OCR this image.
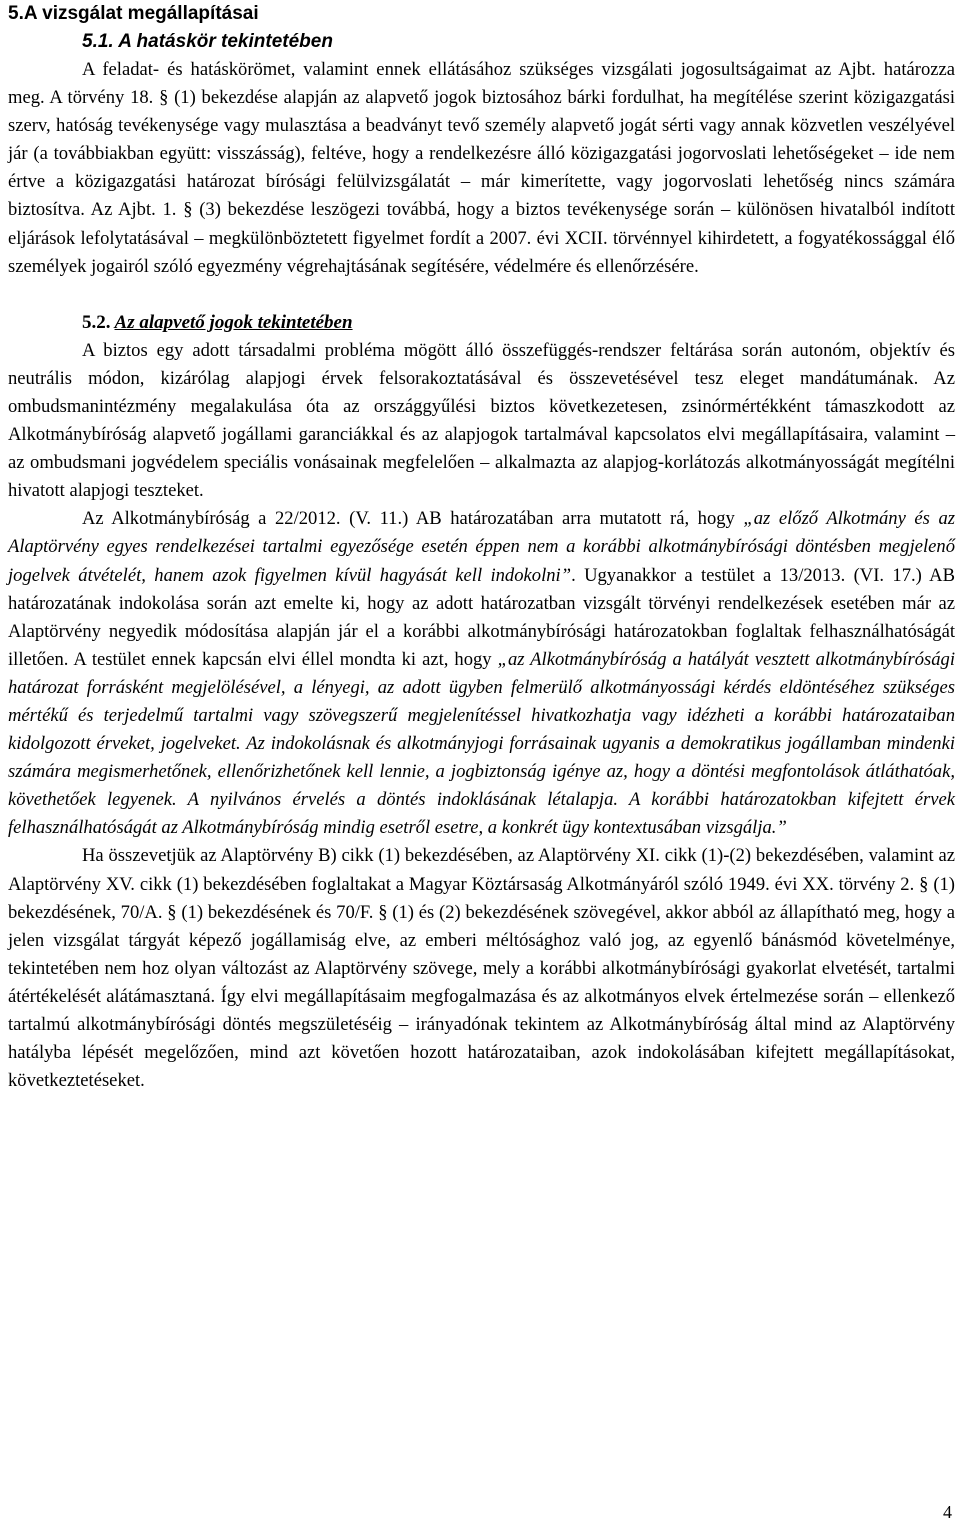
5.A vizsgálat megállapításai
5.1. A hatáskör tekintetében

A feladat- és hatáskörömet, valamint ennek ellátásához szükséges vizsgálati jogosultságaimat az Ajbt. határozza meg. A törvény 18. § (1) bekezdése alapján az alapvető jogok biztosához bárki fordulhat, ha megítélése szerint közigazgatási szerv, hatóság tevékenysége vagy mulasztása a beadványt tevő személy alapvető jogát sérti vagy annak közvetlen veszélyével jár (a továbbiakban együtt: visszásság), feltéve, hogy a rendelkezésre álló közigazgatási jogorvoslati lehetőségeket – ide nem értve a közigazgatási határozat bírósági felülvizsgálatát – már kimerítette, vagy jogorvoslati lehetőség nincs számára biztosítva. Az Ajbt. 1. § (3) bekezdése leszögezi továbbá, hogy a biztos tevékenysége során – különösen hivatalból indított eljárások lefolytatásával – megkülönböztetett figyelmet fordít a 2007. évi XCII. törvénnyel kihirdetett, a fogyatékossággal élő személyek jogairól szóló egyezmény végrehajtásának segítésére, védelmére és ellenőrzésére.

5.2. Az alapvető jogok tekintetében

A biztos egy adott társadalmi probléma mögött álló összefüggés-rendszer feltárása során autonóm, objektív és neutrális módon, kizárólag alapjogi érvek felsorakoztatásával és összevetésével tesz eleget mandátumának. Az ombudsmanintézmény megalakulása óta az országgyűlési biztos következetesen, zsinórmértékként támaszkodott az Alkotmánybíróság alapvető jogállami garanciákkal és az alapjogok tartalmával kapcsolatos elvi megállapításaira, valamint – az ombudsmani jogvédelem speciális vonásainak megfelelően – alkalmazta az alapjog-korlátozás alkotmányosságát megítélni hivatott alapjogi teszteket.

Az Alkotmánybíróság a 22/2012. (V. 11.) AB határozatában arra mutatott rá, hogy „az előző Alkotmány és az Alaptörvény egyes rendelkezései tartalmi egyezősége esetén éppen nem a korábbi alkotmánybírósági döntésben megjelenő jogelvek átvételét, hanem azok figyelmen kívül hagyását kell indokolni”. Ugyanakkor a testület a 13/2013. (VI. 17.) AB határozatának indokolása során azt emelte ki, hogy az adott határozatban vizsgált törvényi rendelkezések esetében már az Alaptörvény negyedik módosítása alapján jár el a korábbi alkotmánybírósági határozatokban foglaltak felhasználhatóságát illetően. A testület ennek kapcsán elvi éllel mondta ki azt, hogy „az Alkotmánybíróság a hatályát vesztett alkotmánybírósági határozat forrásként megjelölésével, a lényegi, az adott ügyben felmerülő alkotmányossági kérdés eldöntéséhez szükséges mértékű és terjedelmű tartalmi vagy szövegszerű megjelenítéssel hivatkozhatja vagy idézheti a korábbi határozataiban kidolgozott érveket, jogelveket. Az indokolásnak és alkotmányjogi forrásainak ugyanis a demokratikus jogállamban mindenki számára megismerhetőnek, ellenőrizhetőnek kell lennie, a jogbiztonság igénye az, hogy a döntési megfontolások átláthatóak, követhetőek legyenek. A nyilvános érvelés a döntés indoklásának létalapja. A korábbi határozatokban kifejtett érvek felhasználhatóságát az Alkotmánybíróság mindig esetről esetre, a konkrét ügy kontextusában vizsgálja.”

Ha összevetjük az Alaptörvény B) cikk (1) bekezdésében, az Alaptörvény XI. cikk (1)-(2) bekezdésében, valamint az Alaptörvény XV. cikk (1) bekezdésében foglaltakat a Magyar Köztársaság Alkotmányáról szóló 1949. évi XX. törvény 2. § (1) bekezdésének, 70/A. § (1) bekezdésének és 70/F. § (1) és (2) bekezdésének szövegével, akkor abból az állapítható meg, hogy a jelen vizsgálat tárgyát képező jogállamiság elve, az emberi méltósághoz való jog, az egyenlő bánásmód követelménye, tekintetében nem hoz olyan változást az Alaptörvény szövege, mely a korábbi alkotmánybírósági gyakorlat elvetését, tartalmi átértékelését alátámasztaná. Így elvi megállapításaim megfogalmazása és az alkotmányos elvek értelmezése során – ellenkező tartalmú alkotmánybírósági döntés megszületéséig – irányadónak tekintem az Alkotmánybíróság által mind az Alaptörvény hatályba lépését megelőzően, mind azt követően hozott határozataiban, azok indokolásában kifejtett megállapításokat, következtetéseket.

4
